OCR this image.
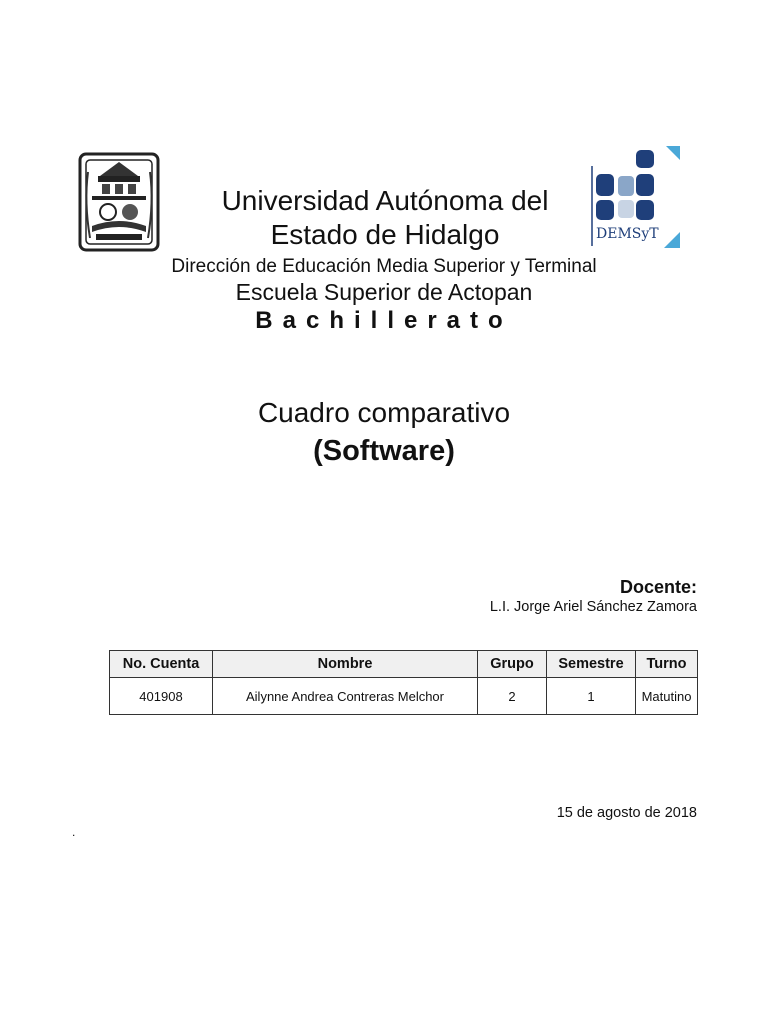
DEMSyT
Universidad Autónoma del
Estado de Hidalgo
Dirección de Educación Media Superior y Terminal
Escuela Superior de Actopan
Bachillerato
Cuadro comparativo
(Software)
Docente:
L.I. Jorge Ariel Sánchez Zamora
No. Cuenta	Nombre	Grupo	Semestre	Turno
401908	Ailynne Andrea Contreras Melchor	2	1	Matutino
15 de agosto de 2018
.
